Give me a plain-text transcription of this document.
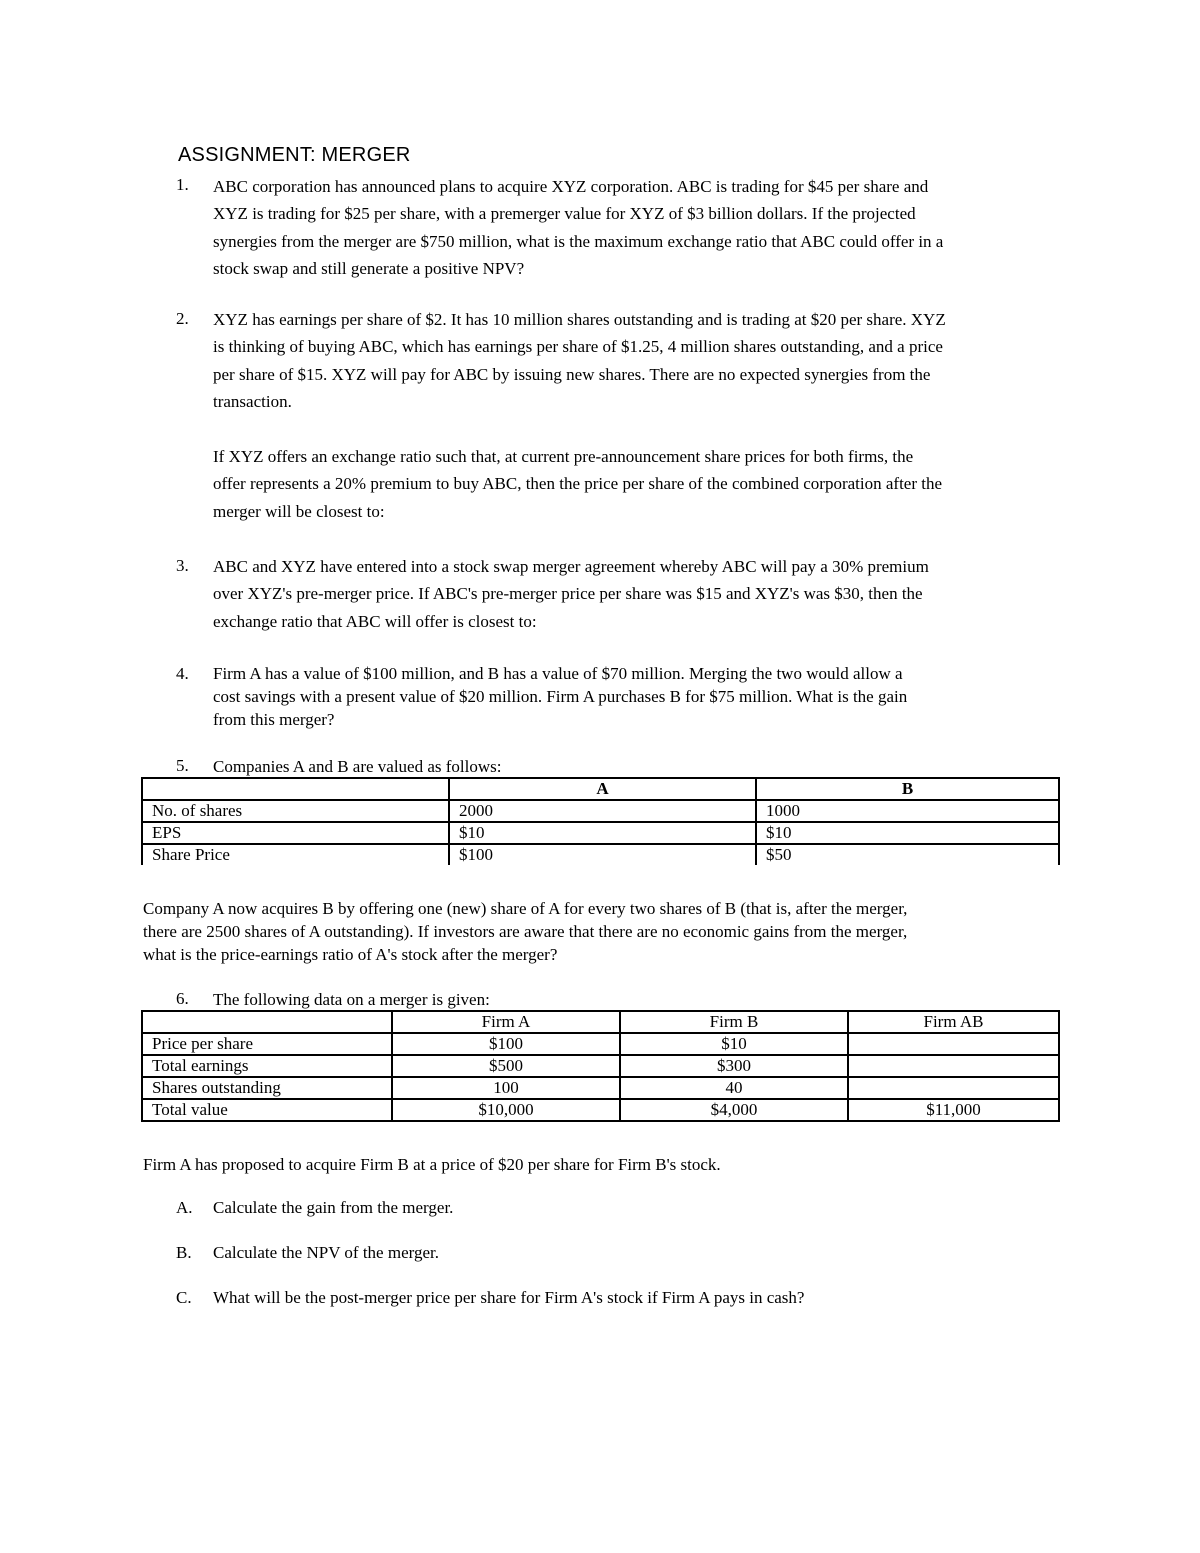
ASSIGNMENT: MERGER
1. ABC corporation has announced plans to acquire XYZ corporation. ABC is trading for $45 per share and
XYZ is trading for $25 per share, with a premerger value for XYZ of $3 billion dollars. If the projected
synergies from the merger are $750 million, what is the maximum exchange ratio that ABC could offer in a
stock swap and still generate a positive NPV?
2. XYZ has earnings per share of $2. It has 10 million shares outstanding and is trading at $20 per share. XYZ
is thinking of buying ABC, which has earnings per share of $1.25, 4 million shares outstanding, and a price
per share of $15. XYZ will pay for ABC by issuing new shares. There are no expected synergies from the
transaction.
If XYZ offers an exchange ratio such that, at current pre-announcement share prices for both firms, the
offer represents a 20% premium to buy ABC, then the price per share of the combined corporation after the
merger will be closest to:
3. ABC and XYZ have entered into a stock swap merger agreement whereby ABC will pay a 30% premium
over XYZ's pre-merger price. If ABC's pre-merger price per share was $15 and XYZ's was $30, then the
exchange ratio that ABC will offer is closest to:
4. Firm A has a value of $100 million, and B has a value of $70 million. Merging the two would allow a
cost savings with a present value of $20 million. Firm A purchases B for $75 million. What is the gain
from this merger?
5. Companies A and B are valued as follows:
	A	B
No. of shares	2000	1000
EPS	$10	$10
Share Price	$100	$50
Company A now acquires B by offering one (new) share of A for every two shares of B (that is, after the merger,
there are 2500 shares of A outstanding). If investors are aware that there are no economic gains from the merger,
what is the price-earnings ratio of A's stock after the merger?
6. The following data on a merger is given:
	Firm A	Firm B	Firm AB
Price per share	$100	$10	
Total earnings	$500	$300	
Shares outstanding	100	40	
Total value	$10,000	$4,000	$11,000
Firm A has proposed to acquire Firm B at a price of $20 per share for Firm B's stock.
A. Calculate the gain from the merger.
B. Calculate the NPV of the merger.
C. What will be the post-merger price per share for Firm A's stock if Firm A pays in cash?
